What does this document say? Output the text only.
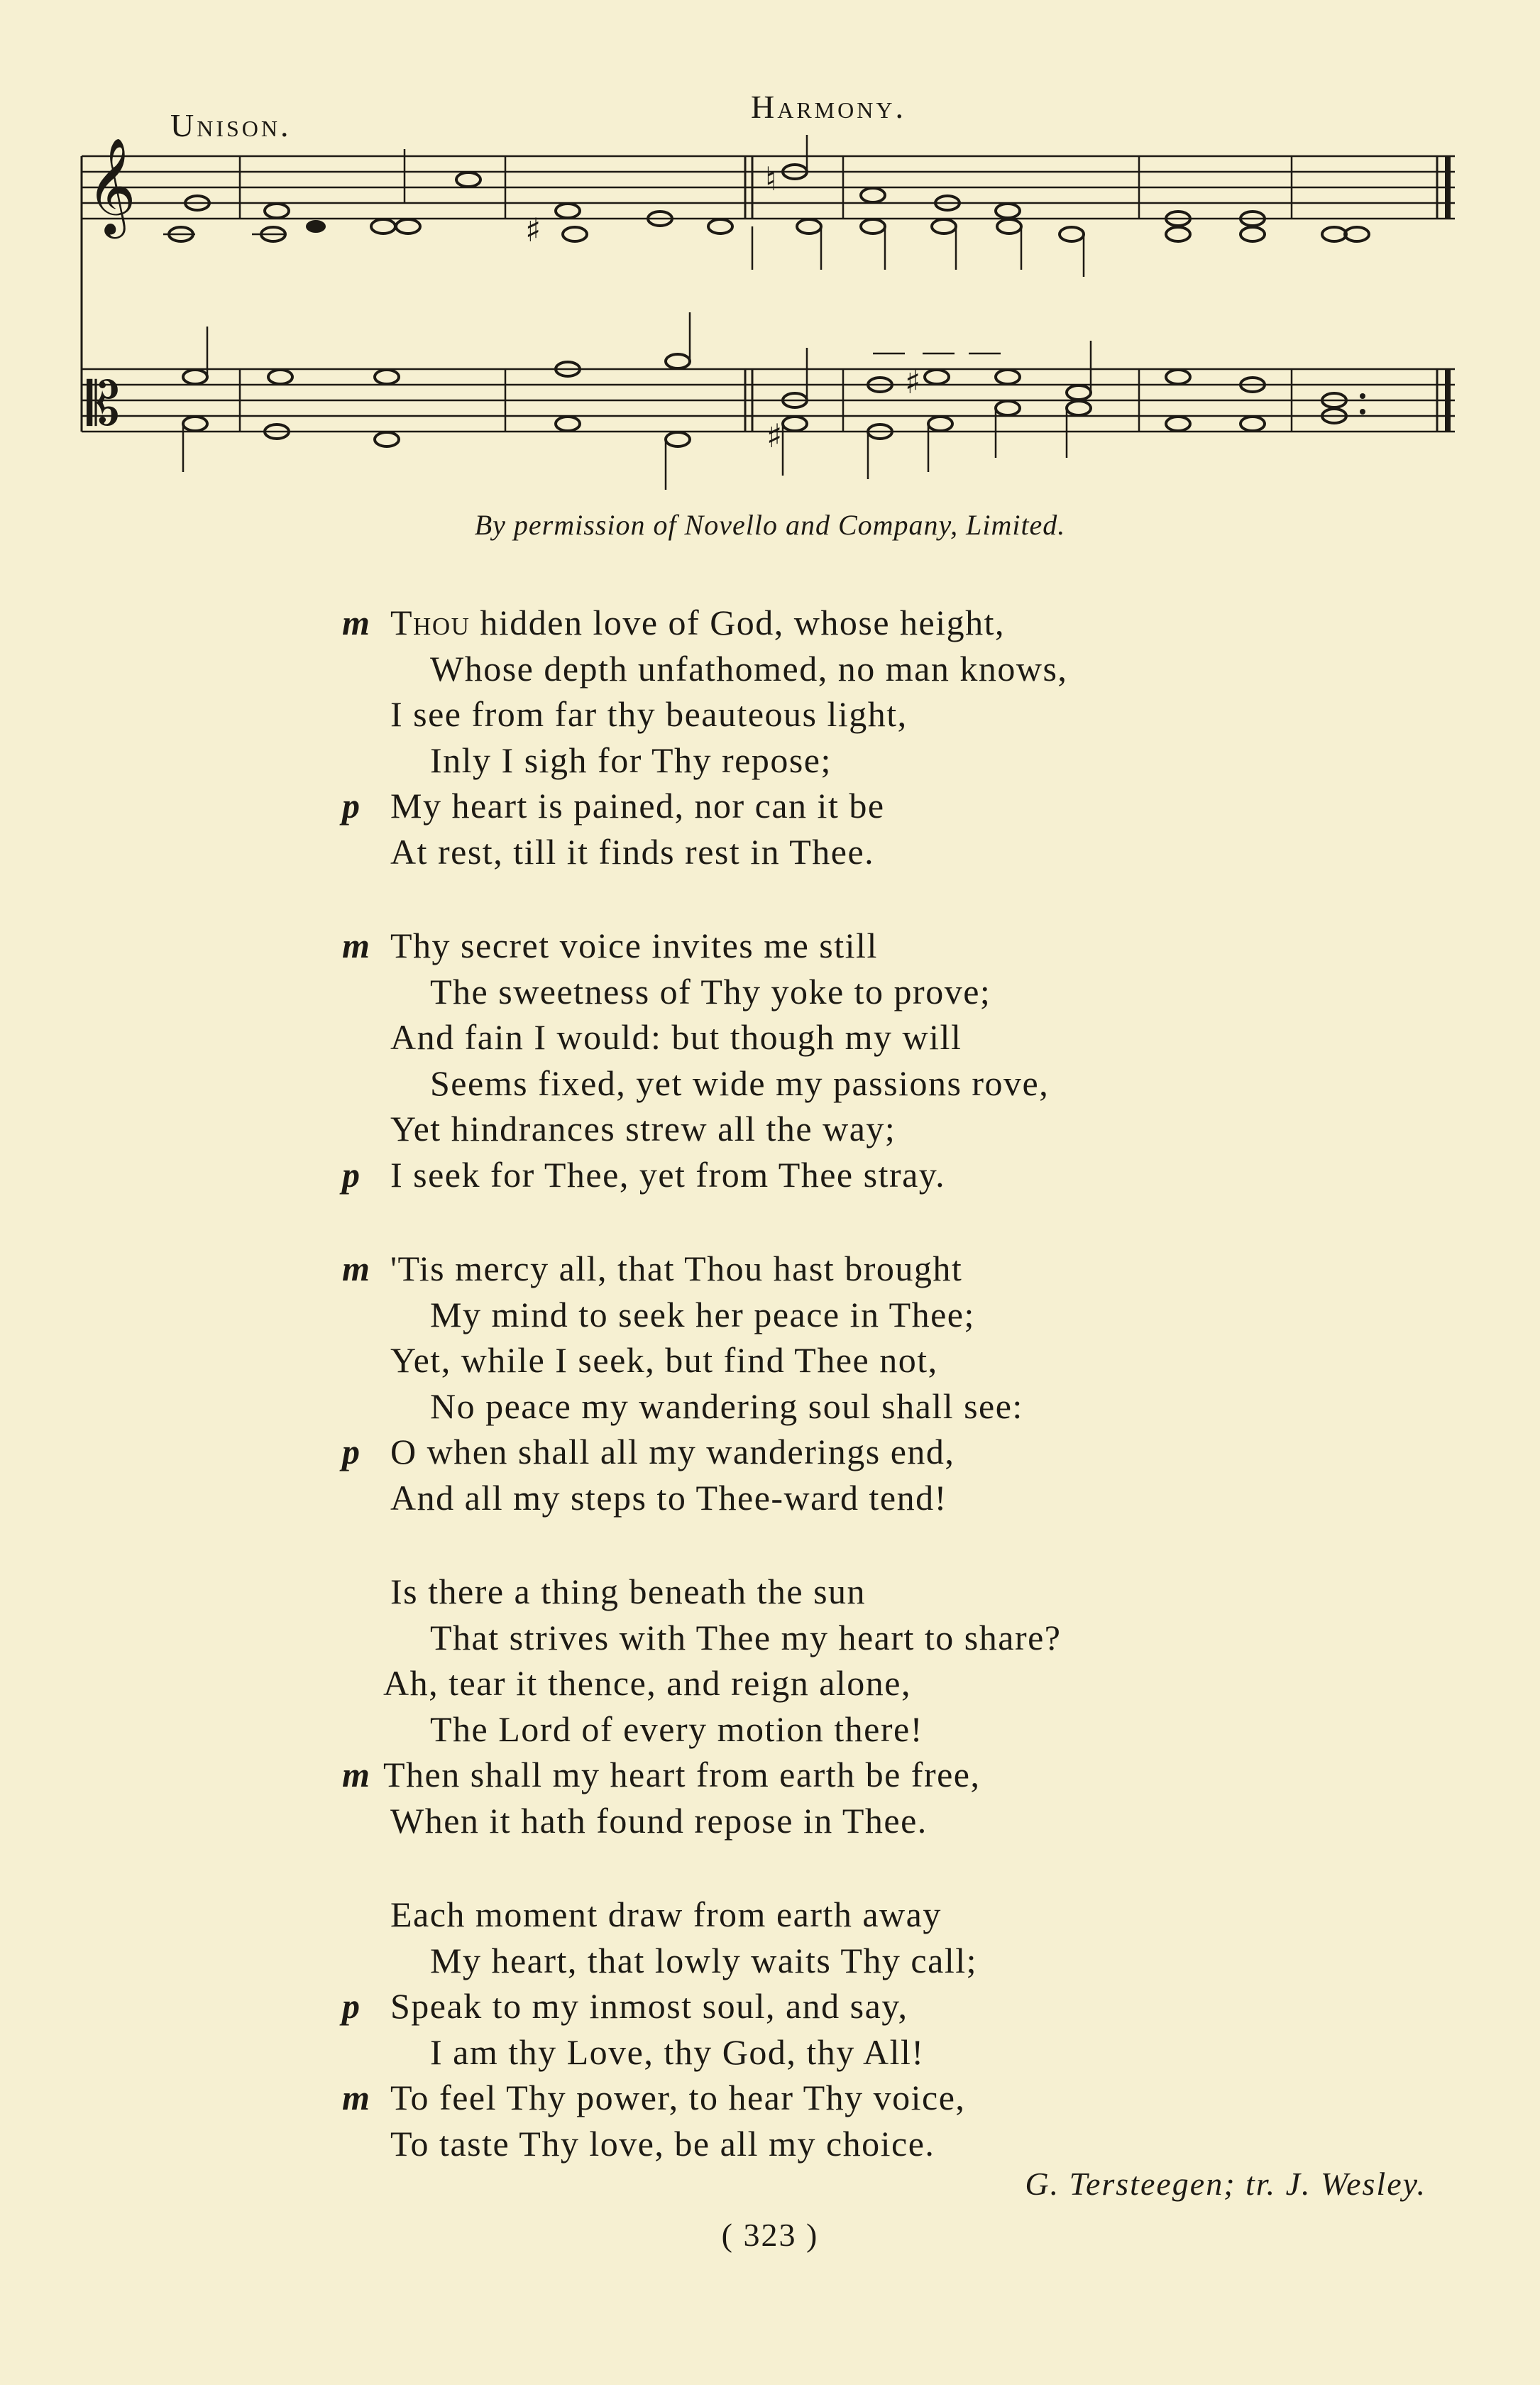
Unison.
Harmony.
𝄞
𝄡
♯
♮
♯
♯
By permission of Novello and Company, Limited.
m Thou hidden love of God, whose height,
Whose depth unfathomed, no man knows,
I see from far thy beauteous light,
Inly I sigh for Thy repose;
p My heart is pained, nor can it be
At rest, till it finds rest in Thee.
m Thy secret voice invites me still
The sweetness of Thy yoke to prove;
And fain I would: but though my will
Seems fixed, yet wide my passions rove,
Yet hindrances strew all the way;
p I seek for Thee, yet from Thee stray.
m 'Tis mercy all, that Thou hast brought
My mind to seek her peace in Thee;
Yet, while I seek, but find Thee not,
No peace my wandering soul shall see:
p O when shall all my wanderings end,
And all my steps to Thee-ward tend!
Is there a thing beneath the sun
That strives with Thee my heart to share?
Ah, tear it thence, and reign alone,
The Lord of every motion there!
m Then shall my heart from earth be free,
When it hath found repose in Thee.
Each moment draw from earth away
My heart, that lowly waits Thy call;
p Speak to my inmost soul, and say,
I am thy Love, thy God, thy All!
m To feel Thy power, to hear Thy voice,
To taste Thy love, be all my choice.
G. Tersteegen; tr. J. Wesley.
( 323 )
